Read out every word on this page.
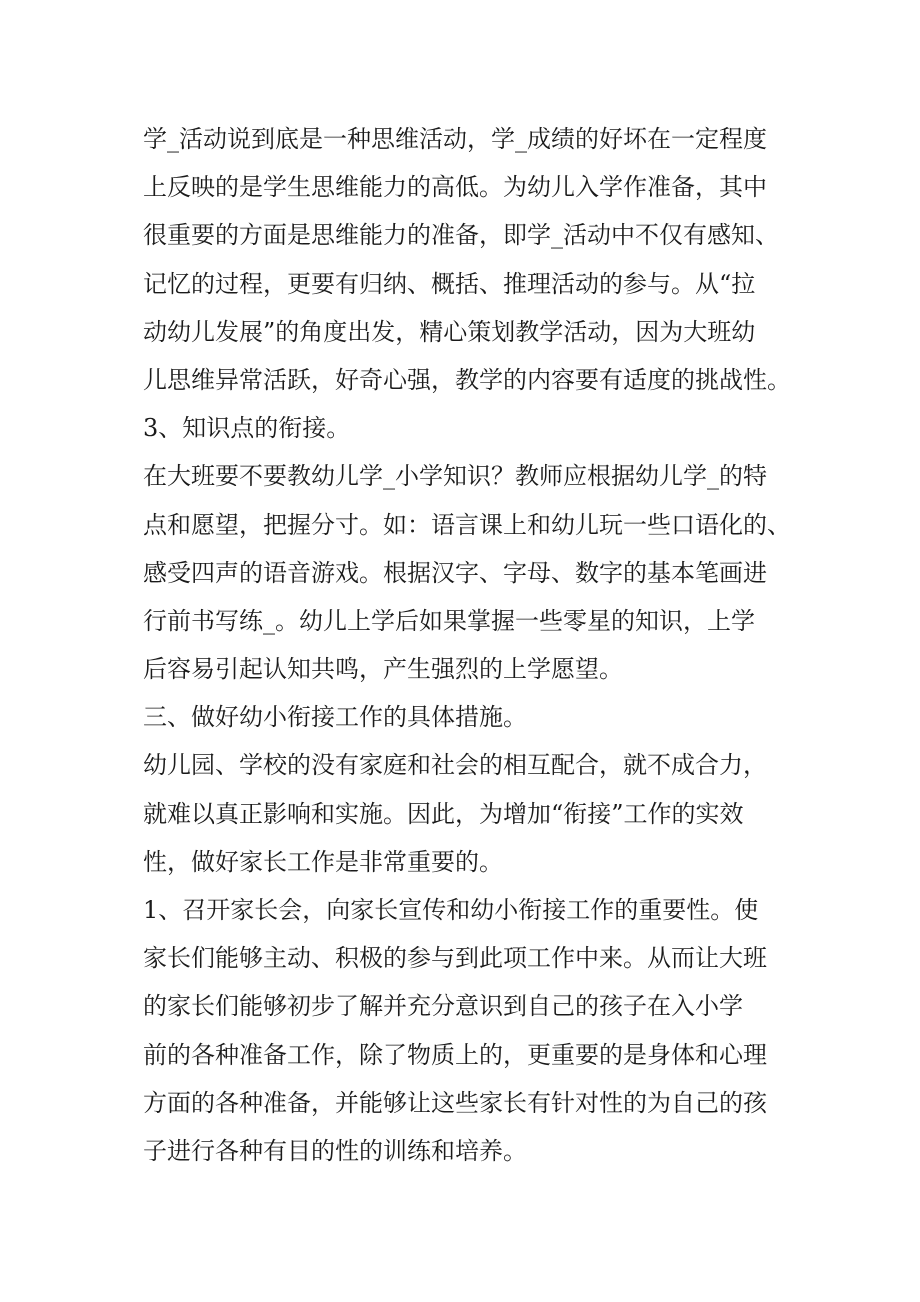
学_活动说到底是一种思维活动，学_成绩的好坏在一定程度
上反映的是学生思维能力的高低。为幼儿入学作准备，其中
很重要的方面是思维能力的准备，即学_活动中不仅有感知、
记忆的过程，更要有归纳、概括、推理活动的参与。从“拉
动幼儿发展”的角度出发，精心策划教学活动，因为大班幼
儿思维异常活跃，好奇心强，教学的内容要有适度的挑战性。
3、知识点的衔接。
在大班要不要教幼儿学_小学知识？教师应根据幼儿学_的特
点和愿望，把握分寸。如：语言课上和幼儿玩一些口语化的、
感受四声的语音游戏。根据汉字、字母、数字的基本笔画进
行前书写练_。幼儿上学后如果掌握一些零星的知识，上学
后容易引起认知共鸣，产生强烈的上学愿望。
三、做好幼小衔接工作的具体措施。
幼儿园、学校的没有家庭和社会的相互配合，就不成合力，
就难以真正影响和实施。因此，为增加“衔接”工作的实效
性，做好家长工作是非常重要的。
1、召开家长会，向家长宣传和幼小衔接工作的重要性。使
家长们能够主动、积极的参与到此项工作中来。从而让大班
的家长们能够初步了解并充分意识到自己的孩子在入小学
前的各种准备工作，除了物质上的，更重要的是身体和心理
方面的各种准备，并能够让这些家长有针对性的为自己的孩
子进行各种有目的性的训练和培养。
